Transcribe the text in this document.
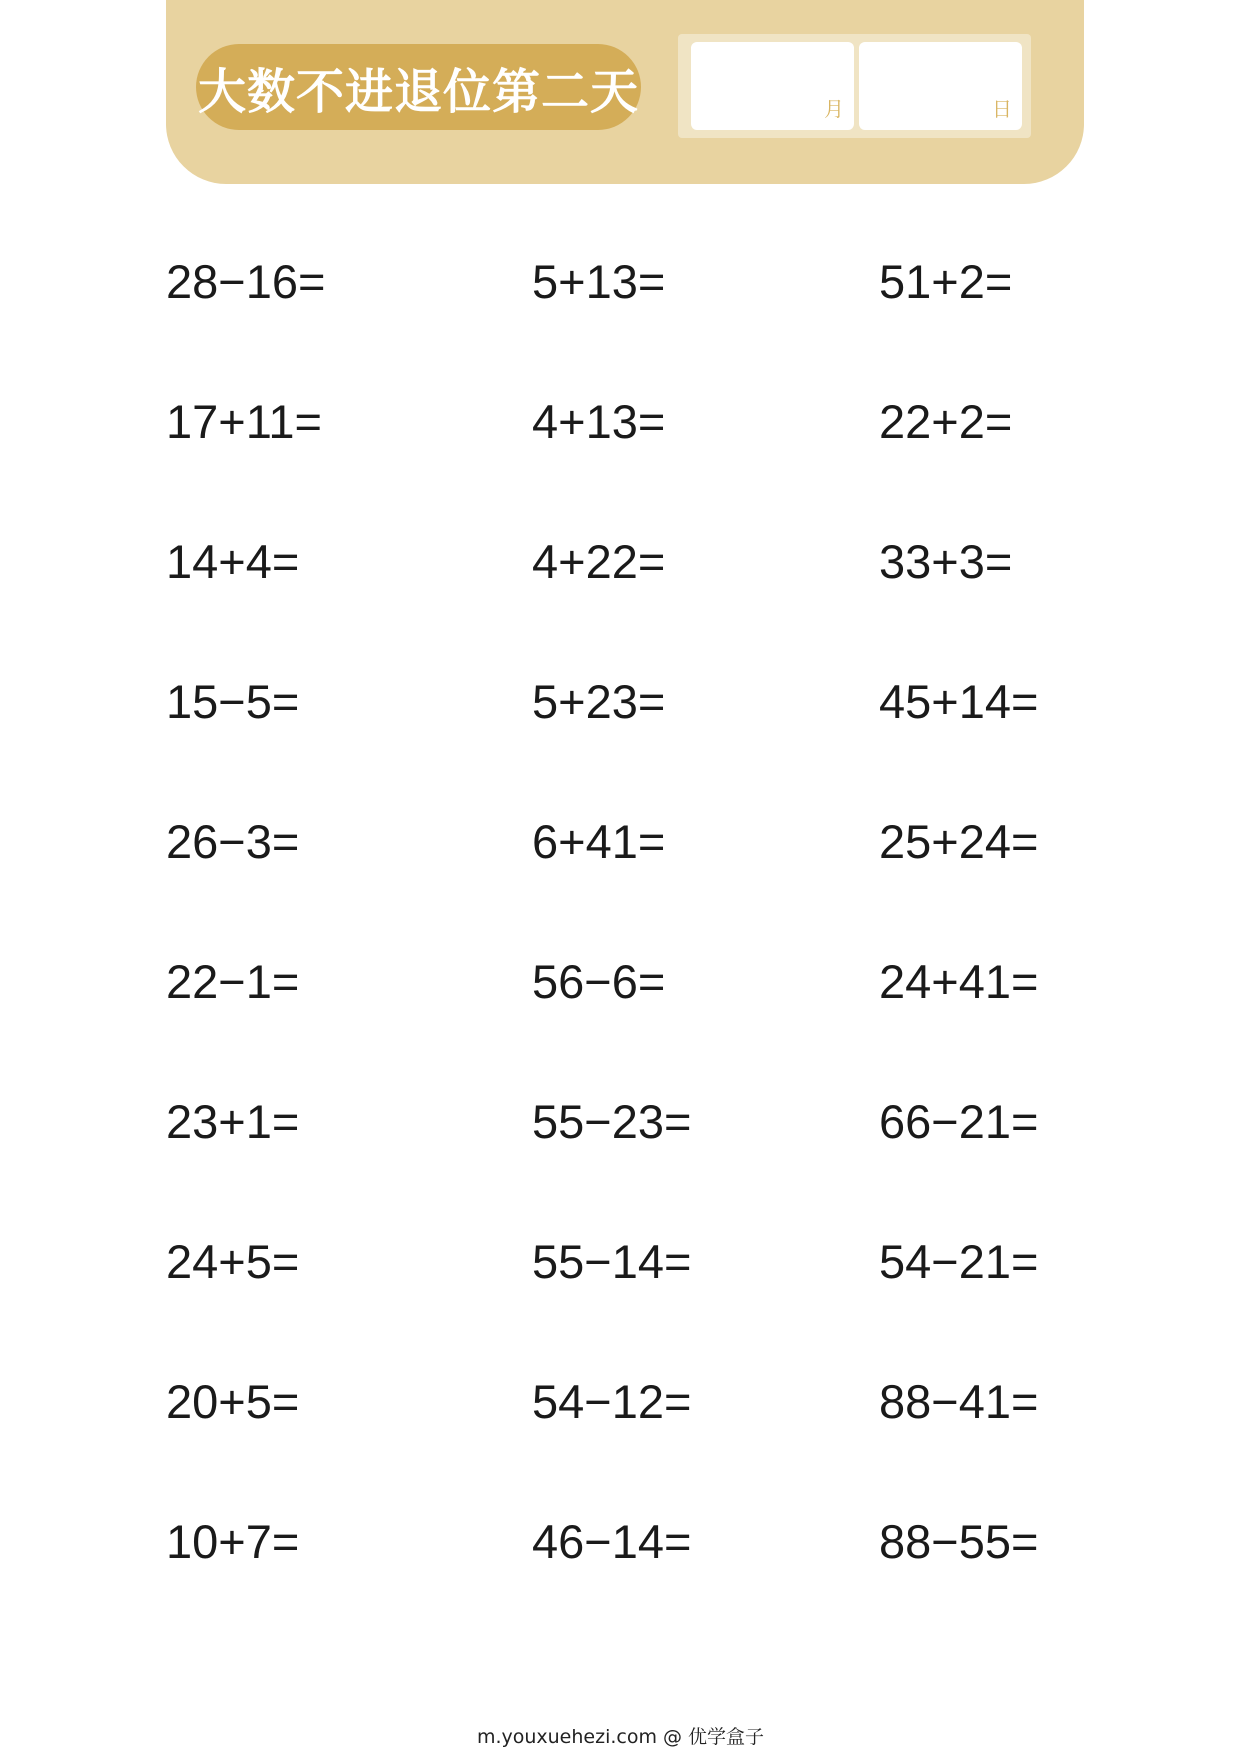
大数不进退位第二天	月	日
28−16=
17+11=
14+4=
15−5=
26−3=
22−1=
23+1=
24+5=
20+5=
10+7=
5+13=
4+13=
4+22=
5+23=
6+41=
56−6=
55−23=
55−14=
54−12=
46−14=
51+2=
22+2=
33+3=
45+14=
25+24=
24+41=
66−21=
54−21=
88−41=
88−55=
m.youxuehezi.com @ 优学盒子
